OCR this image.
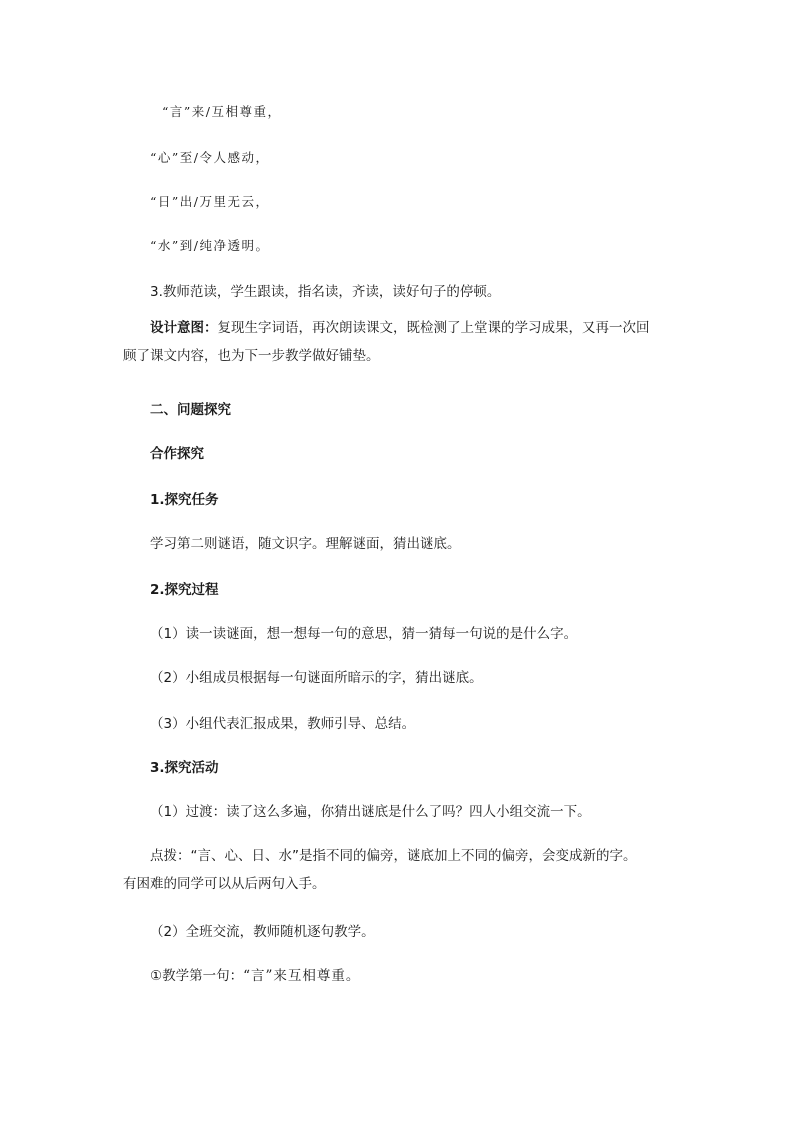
“言”来/互相尊重，
“心”至/令人感动，
“日”出/万里无云，
“水”到/纯净透明。
3.教师范读，学生跟读，指名读，齐读，读好句子的停顿。

设计意图：复现生字词语，再次朗读课文，既检测了上堂课的学习成果，又再一次回

顾了课文内容，也为下一步教学做好铺垫。

二、问题探究
合作探究
1.探究任务
学习第二则谜语，随文识字。理解谜面，猜出谜底。
2.探究过程
（1）读一读谜面，想一想每一句的意思，猜一猜每一句说的是什么字。
（2）小组成员根据每一句谜面所暗示的字，猜出谜底。
（3）小组代表汇报成果，教师引导、总结。
3.探究活动
（1）过渡：读了这么多遍，你猜出谜底是什么了吗？四人小组交流一下。

点拨：“言、心、日、水”是指不同的偏旁，谜底加上不同的偏旁，会变成新的字。

有困难的同学可以从后两句入手。

（2）全班交流，教师随机逐句教学。
①教学第一句：“言”来互相尊重。
